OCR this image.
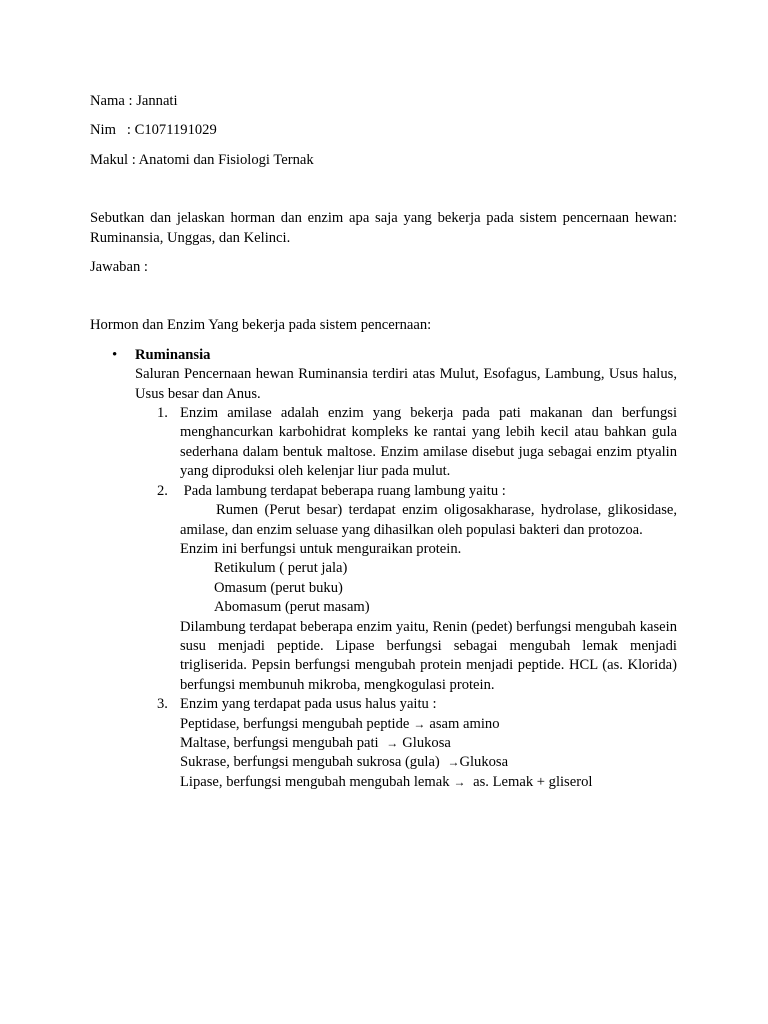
Nama : Jannati

Nim   : C1071191029

Makul : Anatomi dan Fisiologi Ternak

Sebutkan dan jelaskan horman dan enzim apa saja yang bekerja pada sistem pencernaan hewan: Ruminansia, Unggas, dan Kelinci.

Jawaban :

Hormon dan Enzim Yang bekerja pada sistem pencernaan:

• Ruminansia
Saluran Pencernaan hewan Ruminansia terdiri atas Mulut, Esofagus, Lambung, Usus halus, Usus besar dan Anus.
1. Enzim amilase adalah enzim yang bekerja pada pati makanan dan berfungsi menghancurkan karbohidrat kompleks ke rantai yang lebih kecil atau bahkan gula sederhana dalam bentuk maltose. Enzim amilase disebut juga sebagai enzim ptyalin yang diproduksi oleh kelenjar liur pada mulut.
2. Pada lambung terdapat beberapa ruang lambung yaitu :
Rumen (Perut besar) terdapat enzim oligosakharase, hydrolase, glikosidase, amilase, dan enzim seluase yang dihasilkan oleh populasi bakteri dan protozoa.
Enzim ini berfungsi untuk menguraikan protein.
Retikulum ( perut jala)
Omasum (perut buku)
Abomasum (perut masam)
Dilambung terdapat beberapa enzim yaitu, Renin (pedet) berfungsi mengubah kasein susu menjadi peptide. Lipase berfungsi sebagai mengubah lemak menjadi trigliserida. Pepsin berfungsi mengubah protein menjadi peptide. HCL (as. Klorida) berfungsi membunuh mikroba, mengkogulasi protein.
3. Enzim yang terdapat pada usus halus yaitu :
Peptidase, berfungsi mengubah peptide → asam amino
Maltase, berfungsi mengubah pati → Glukosa
Sukrase, berfungsi mengubah sukrosa (gula) →Glukosa
Lipase, berfungsi mengubah mengubah lemak → as. Lemak + gliserol
